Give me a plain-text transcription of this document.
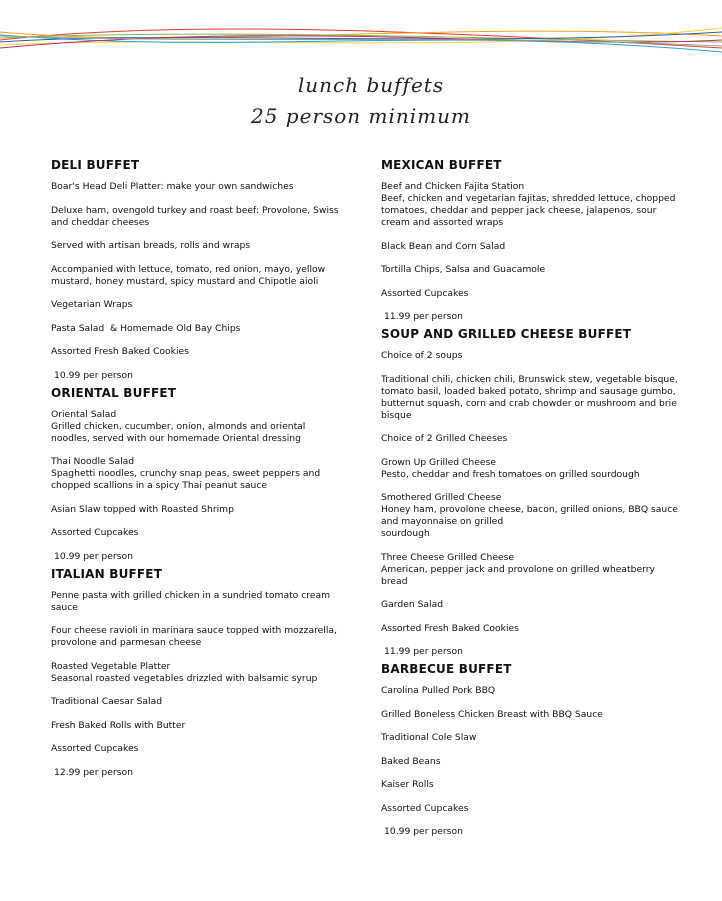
lunch buffets
25 person minimum
DELI BUFFET
Boar's Head Deli Platter: make your own sandwiches
Deluxe ham, ovengold turkey and roast beef: Provolone, Swiss and cheddar cheeses
Served with artisan breads, rolls and wraps
Accompanied with lettuce, tomato, red onion, mayo, yellow mustard, honey mustard, spicy mustard and Chipotle aioli
Vegetarian Wraps
Pasta Salad  & Homemade Old Bay Chips
Assorted Fresh Baked Cookies
10.99 per person
ORIENTAL BUFFET
Oriental Salad
Grilled chicken, cucumber, onion, almonds and oriental noodles, served with our homemade Oriental dressing
Thai Noodle Salad
Spaghetti noodles, crunchy snap peas, sweet peppers and chopped scallions in a spicy Thai peanut sauce
Asian Slaw topped with Roasted Shrimp
Assorted Cupcakes
10.99 per person
ITALIAN BUFFET
Penne pasta with grilled chicken in a sundried tomato cream sauce
Four cheese ravioli in marinara sauce topped with mozzarella, provolone and parmesan cheese
Roasted Vegetable Platter
Seasonal roasted vegetables drizzled with balsamic syrup
Traditional Caesar Salad
Fresh Baked Rolls with Butter
Assorted Cupcakes
12.99 per person
MEXICAN BUFFET
Beef and Chicken Fajita Station
Beef, chicken and vegetarian fajitas, shredded lettuce, chopped tomatoes, cheddar and pepper jack cheese, jalapenos, sour cream and assorted wraps
Black Bean and Corn Salad
Tortilla Chips, Salsa and Guacamole
Assorted Cupcakes
11.99 per person
SOUP AND GRILLED CHEESE BUFFET
Choice of 2 soups
Traditional chili, chicken chili, Brunswick stew, vegetable bisque, tomato basil, loaded baked potato, shrimp and sausage gumbo, butternut squash, corn and crab chowder or mushroom and brie bisque
Choice of 2 Grilled Cheeses
Grown Up Grilled Cheese
Pesto, cheddar and fresh tomatoes on grilled sourdough
Smothered Grilled Cheese
Honey ham, provolone cheese, bacon, grilled onions, BBQ sauce and mayonnaise on grilled
sourdough
Three Cheese Grilled Cheese
American, pepper jack and provolone on grilled wheatberry bread
Garden Salad
Assorted Fresh Baked Cookies
11.99 per person
BARBECUE BUFFET
Carolina Pulled Pork BBQ
Grilled Boneless Chicken Breast with BBQ Sauce
Traditional Cole Slaw
Baked Beans
Kaiser Rolls
Assorted Cupcakes
10.99 per person
